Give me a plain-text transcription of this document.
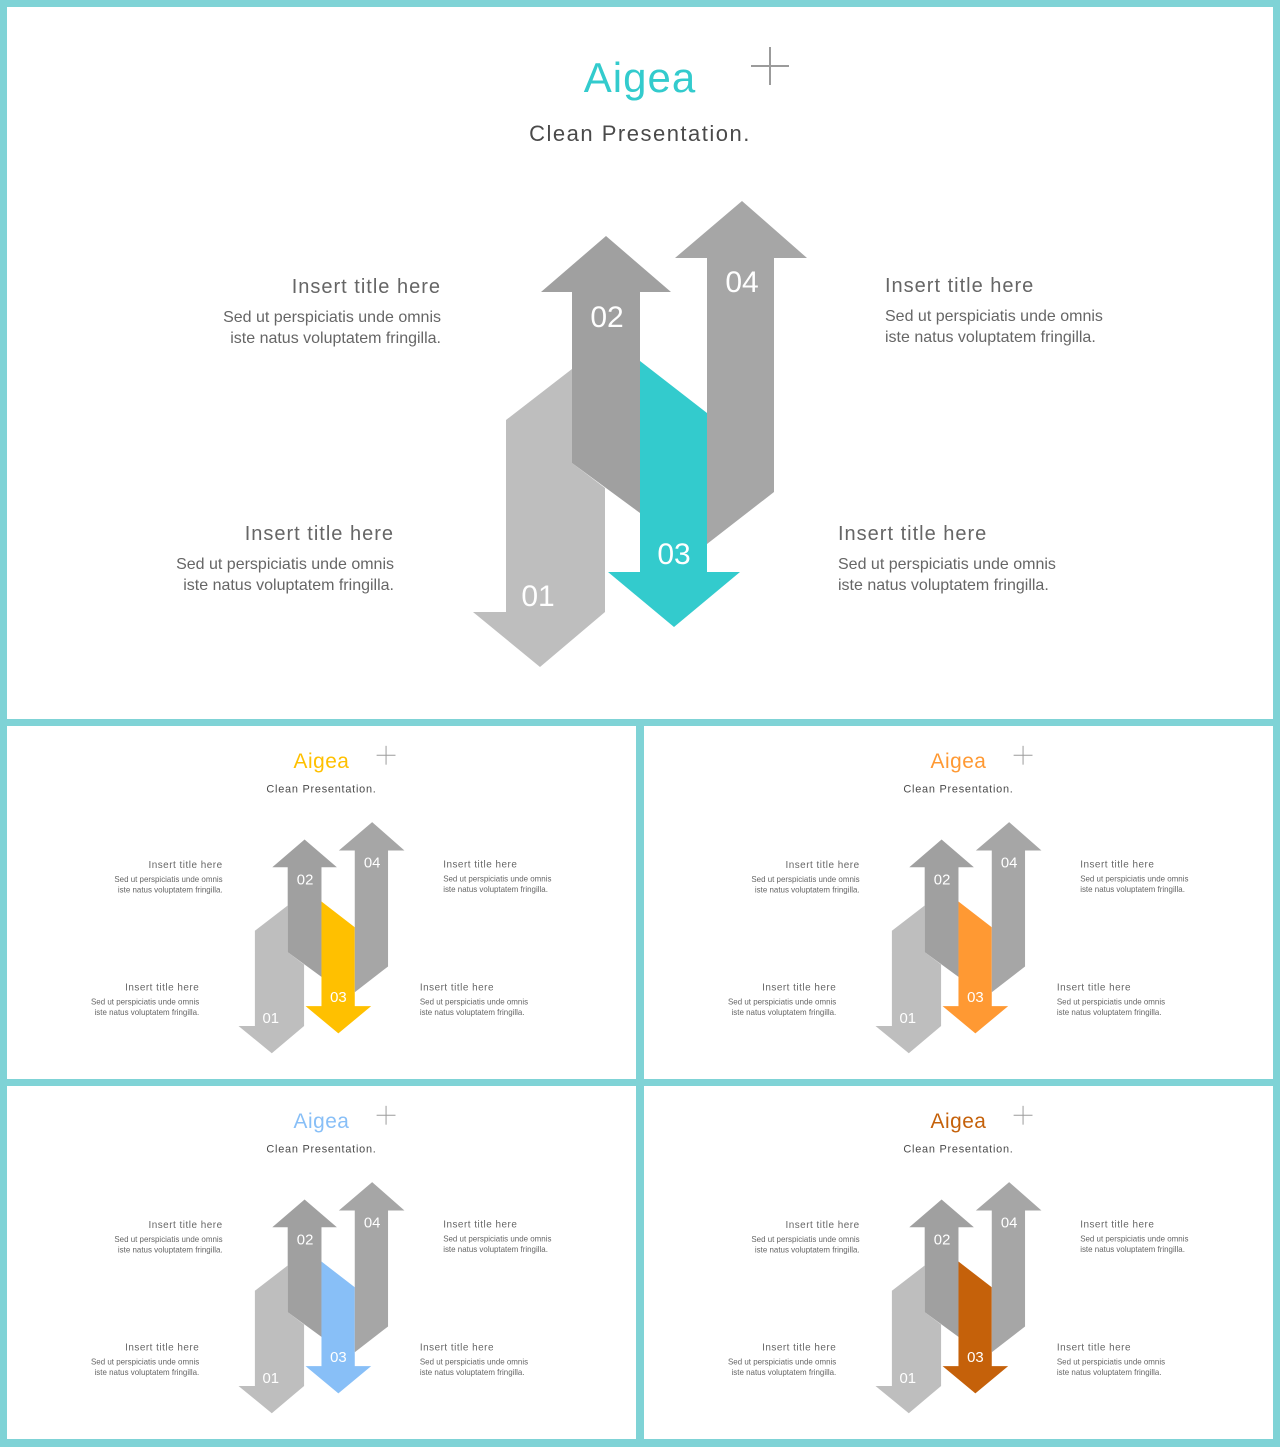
Aigea
Clean Presentation.
01
02
03
04
Insert title here
Sed ut perspiciatis unde omnis
iste natus voluptatem fringilla.
Insert title here
Sed ut perspiciatis unde omnis
iste natus voluptatem fringilla.
Insert title here
Sed ut perspiciatis unde omnis
iste natus voluptatem fringilla.
Insert title here
Sed ut perspiciatis unde omnis
iste natus voluptatem fringilla.
Aigea
Clean Presentation.
01
02
03
04
Insert title here
Sed ut perspiciatis unde omnis
iste natus voluptatem fringilla.
Insert title here
Sed ut perspiciatis unde omnis
iste natus voluptatem fringilla.
Insert title here
Sed ut perspiciatis unde omnis
iste natus voluptatem fringilla.
Insert title here
Sed ut perspiciatis unde omnis
iste natus voluptatem fringilla.
Aigea
Clean Presentation.
01
02
03
04
Insert title here
Sed ut perspiciatis unde omnis
iste natus voluptatem fringilla.
Insert title here
Sed ut perspiciatis unde omnis
iste natus voluptatem fringilla.
Insert title here
Sed ut perspiciatis unde omnis
iste natus voluptatem fringilla.
Insert title here
Sed ut perspiciatis unde omnis
iste natus voluptatem fringilla.
Aigea
Clean Presentation.
01
02
03
04
Insert title here
Sed ut perspiciatis unde omnis
iste natus voluptatem fringilla.
Insert title here
Sed ut perspiciatis unde omnis
iste natus voluptatem fringilla.
Insert title here
Sed ut perspiciatis unde omnis
iste natus voluptatem fringilla.
Insert title here
Sed ut perspiciatis unde omnis
iste natus voluptatem fringilla.
Aigea
Clean Presentation.
01
02
03
04
Insert title here
Sed ut perspiciatis unde omnis
iste natus voluptatem fringilla.
Insert title here
Sed ut perspiciatis unde omnis
iste natus voluptatem fringilla.
Insert title here
Sed ut perspiciatis unde omnis
iste natus voluptatem fringilla.
Insert title here
Sed ut perspiciatis unde omnis
iste natus voluptatem fringilla.
